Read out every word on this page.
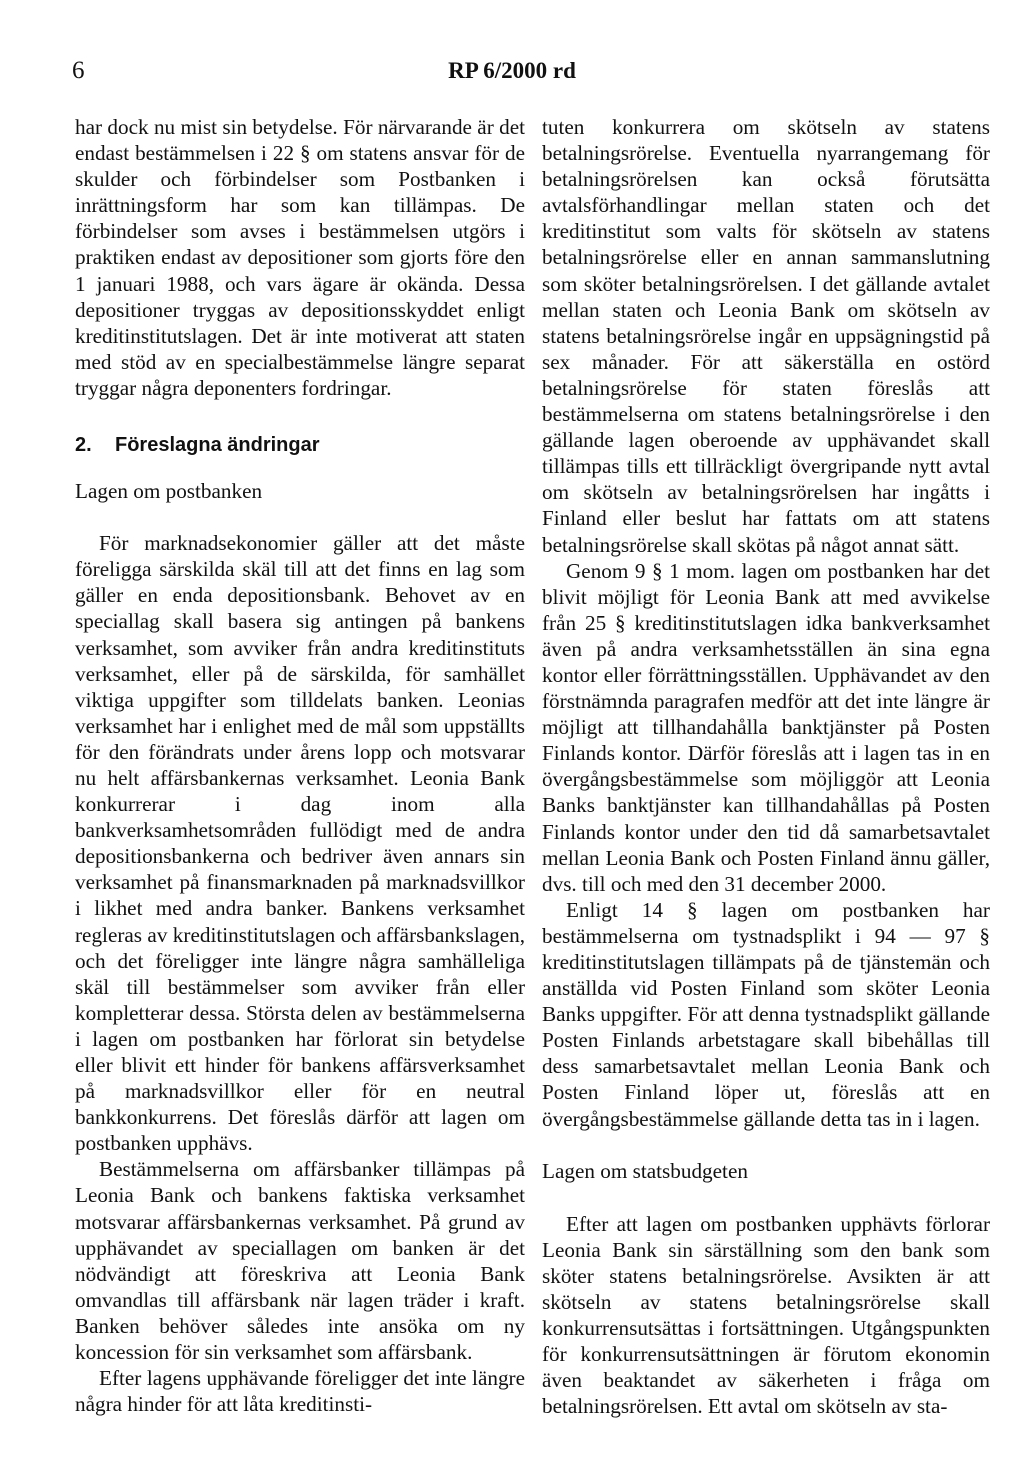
6	RP 6/2000 rd

har dock nu mist sin betydelse. För närvarande är det endast bestämmelsen i 22 § om statens ansvar för de skulder och förbindelser som Postbanken i inrättningsform har som kan tillämpas. De förbindelser som avses i bestämmelsen utgörs i praktiken endast av depositioner som gjorts före den 1 januari 1988, och vars ägare är okända. Dessa depositioner tryggas av depositionsskyddet enligt kreditinstitutslagen. Det är inte motiverat att staten med stöd av en specialbestämmelse längre separat tryggar några deponenters fordringar.

2. Föreslagna ändringar
Lagen om postbanken

För marknadsekonomier gäller att det måste föreligga särskilda skäl till att det finns en lag som gäller en enda depositionsbank. Behovet av en speciallag skall basera sig antingen på bankens verksamhet, som avviker från andra kreditinstituts verksamhet, eller på de särskilda, för samhället viktiga uppgifter som tilldelats banken. Leonias verksamhet har i enlighet med de mål som uppställts för den förändrats under årens lopp och motsvarar nu helt affärsbankernas verksamhet. Leonia Bank konkurrerar i dag inom alla bankverksamhetsområden fullödigt med de andra depositionsbankerna och bedriver även annars sin verksamhet på finansmarknaden på marknadsvillkor i likhet med andra banker. Bankens verksamhet regleras av kreditinstitutslagen och affärsbankslagen, och det föreligger inte längre några samhälleliga skäl till bestämmelser som avviker från eller kompletterar dessa. Största delen av bestämmelserna i lagen om postbanken har förlorat sin betydelse eller blivit ett hinder för bankens affärsverksamhet på marknadsvillkor eller för en neutral bankkonkurrens. Det föreslås därför att lagen om postbanken upphävs.

Bestämmelserna om affärsbanker tillämpas på Leonia Bank och bankens faktiska verksamhet motsvarar affärsbankernas verksamhet. På grund av upphävandet av speciallagen om banken är det nödvändigt att föreskriva att Leonia Bank omvandlas till affärsbank när lagen träder i kraft. Banken behöver således inte ansöka om ny koncession för sin verksamhet som affärsbank.

Efter lagens upphävande föreligger det inte längre några hinder för att låta kreditinsti-

tuten konkurrera om skötseln av statens betalningsrörelse. Eventuella nyarrangemang för betalningsrörelsen kan också förutsätta avtalsförhandlingar mellan staten och det kreditinstitut som valts för skötseln av statens betalningsrörelse eller en annan sammanslutning som sköter betalningsrörelsen. I det gällande avtalet mellan staten och Leonia Bank om skötseln av statens betalningsrörelse ingår en uppsägningstid på sex månader. För att säkerställa en ostörd betalningsrörelse för staten föreslås att bestämmelserna om statens betalningsrörelse i den gällande lagen oberoende av upphävandet skall tillämpas tills ett tillräckligt övergripande nytt avtal om skötseln av betalningsrörelsen har ingåtts i Finland eller beslut har fattats om att statens betalningsrörelse skall skötas på något annat sätt.

Genom 9 § 1 mom. lagen om postbanken har det blivit möjligt för Leonia Bank att med avvikelse från 25 § kreditinstitutslagen idka bankverksamhet även på andra verksamhetsställen än sina egna kontor eller förrättningsställen. Upphävandet av den förstnämnda paragrafen medför att det inte längre är möjligt att tillhandahålla banktjänster på Posten Finlands kontor. Därför föreslås att i lagen tas in en övergångsbestämmelse som möjliggör att Leonia Banks banktjänster kan tillhandahållas på Posten Finlands kontor under den tid då samarbetsavtalet mellan Leonia Bank och Posten Finland ännu gäller, dvs. till och med den 31 december 2000.

Enligt 14 § lagen om postbanken har bestämmelserna om tystnadsplikt i 94 — 97 § kreditinstitutslagen tillämpats på de tjänstemän och anställda vid Posten Finland som sköter Leonia Banks uppgifter. För att denna tystnadsplikt gällande Posten Finlands arbetstagare skall bibehållas till dess samarbetsavtalet mellan Leonia Bank och Posten Finland löper ut, föreslås att en övergångsbestämmelse gällande detta tas in i lagen.

Lagen om statsbudgeten

Efter att lagen om postbanken upphävts förlorar Leonia Bank sin särställning som den bank som sköter statens betalningsrörelse. Avsikten är att skötseln av statens betalningsrörelse skall konkurrensutsättas i fortsättningen. Utgångspunkten för konkurrensutsättningen är förutom ekonomin även beaktandet av säkerheten i fråga om betalningsrörelsen. Ett avtal om skötseln av sta-
